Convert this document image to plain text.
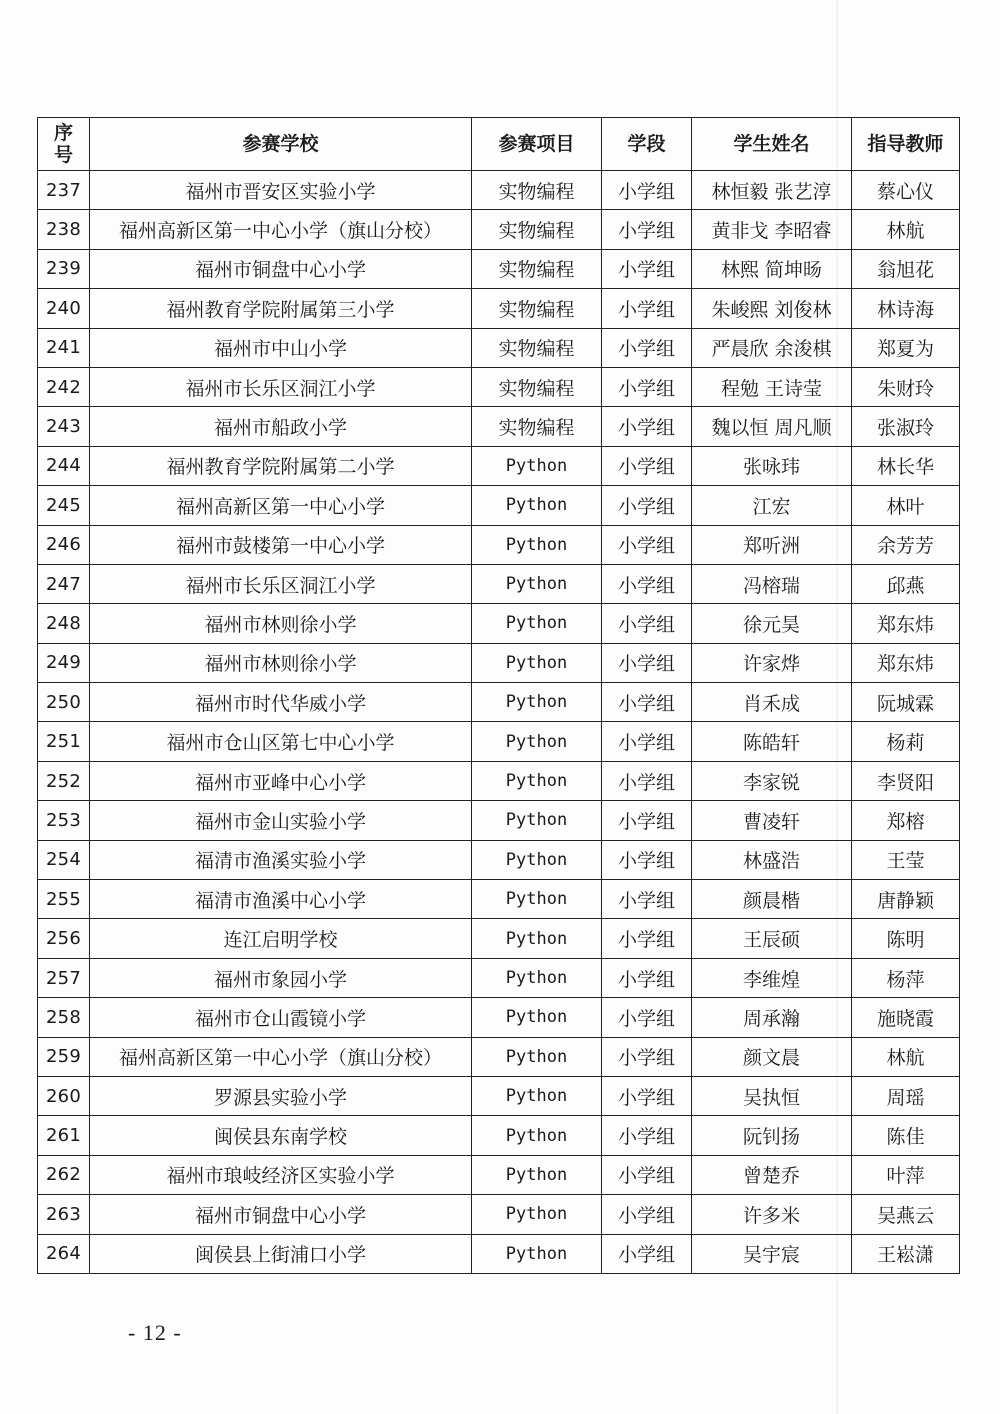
序号	参赛学校	参赛项目	学段	学生姓名	指导教师
237	福州市晋安区实验小学	实物编程	小学组	林恒毅 张艺淳	蔡心仪
238	福州高新区第一中心小学（旗山分校）	实物编程	小学组	黄非戈 李昭睿	林航
239	福州市铜盘中心小学	实物编程	小学组	林熙 简坤旸	翁旭花
240	福州教育学院附属第三小学	实物编程	小学组	朱峻熙 刘俊林	林诗海
241	福州市中山小学	实物编程	小学组	严晨欣 余浚棋	郑夏为
242	福州市长乐区洞江小学	实物编程	小学组	程勉 王诗莹	朱财玲
243	福州市船政小学	实物编程	小学组	魏以恒 周凡顺	张淑玲
244	福州教育学院附属第二小学	Python	小学组	张咏玮	林长华
245	福州高新区第一中心小学	Python	小学组	江宏	林叶
246	福州市鼓楼第一中心小学	Python	小学组	郑听洲	余芳芳
247	福州市长乐区洞江小学	Python	小学组	冯榕瑞	邱燕
248	福州市林则徐小学	Python	小学组	徐元昊	郑东炜
249	福州市林则徐小学	Python	小学组	许家烨	郑东炜
250	福州市时代华威小学	Python	小学组	肖禾成	阮城霖
251	福州市仓山区第七中心小学	Python	小学组	陈皓轩	杨莉
252	福州市亚峰中心小学	Python	小学组	李家锐	李贤阳
253	福州市金山实验小学	Python	小学组	曹凌轩	郑榕
254	福清市渔溪实验小学	Python	小学组	林盛浩	王莹
255	福清市渔溪中心小学	Python	小学组	颜晨楷	唐静颖
256	连江启明学校	Python	小学组	王辰硕	陈明
257	福州市象园小学	Python	小学组	李维煌	杨萍
258	福州市仓山霞镜小学	Python	小学组	周承瀚	施晓霞
259	福州高新区第一中心小学（旗山分校）	Python	小学组	颜文晨	林航
260	罗源县实验小学	Python	小学组	吴执恒	周瑶
261	闽侯县东南学校	Python	小学组	阮钊扬	陈佳
262	福州市琅岐经济区实验小学	Python	小学组	曾楚乔	叶萍
263	福州市铜盘中心小学	Python	小学组	许多米	吴燕云
264	闽侯县上街浦口小学	Python	小学组	吴宇宸	王崧潇
- 12 -
